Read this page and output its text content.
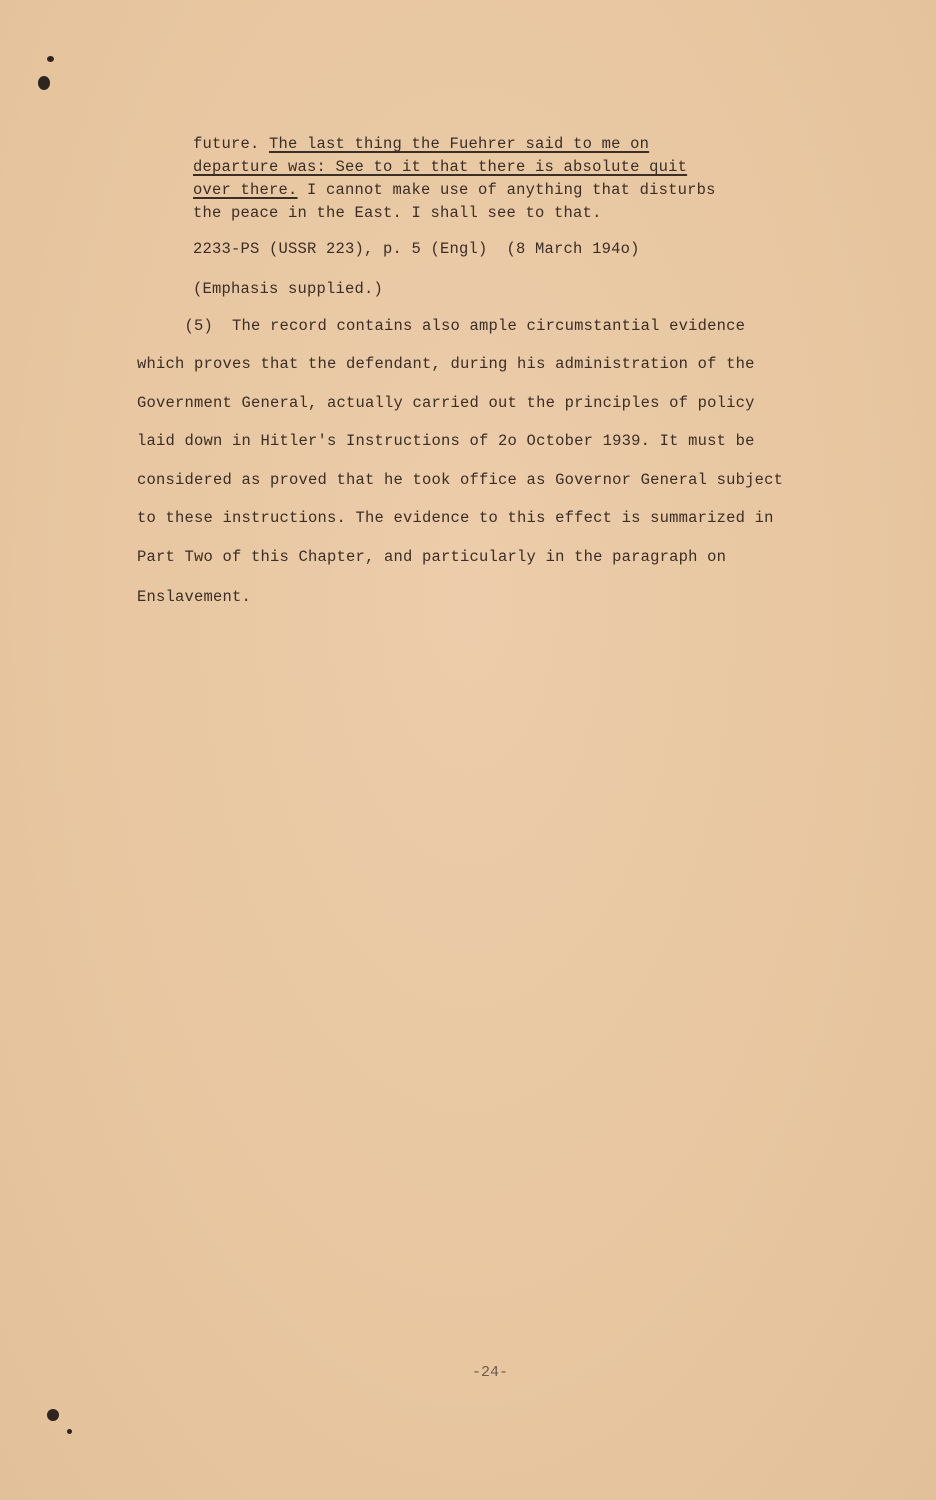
future. The last thing the Fuehrer said to me on
departure was: See to it that there is absolute quit
over there. I cannot make use of anything that disturbs
the peace in the East. I shall see to that.
2233-PS (USSR 223), p. 5 (Engl)  (8 March 194o)
(Emphasis supplied.)
(5)  The record contains also ample circumstantial evidence
which proves that the defendant, during his administration of the
Government General, actually carried out the principles of policy
laid down in Hitler's Instructions of 2o October 1939. It must be
considered as proved that he took office as Governor General subject
to these instructions. The evidence to this effect is summarized in
Part Two of this Chapter, and particularly in the paragraph on
Enslavement.
-24-
